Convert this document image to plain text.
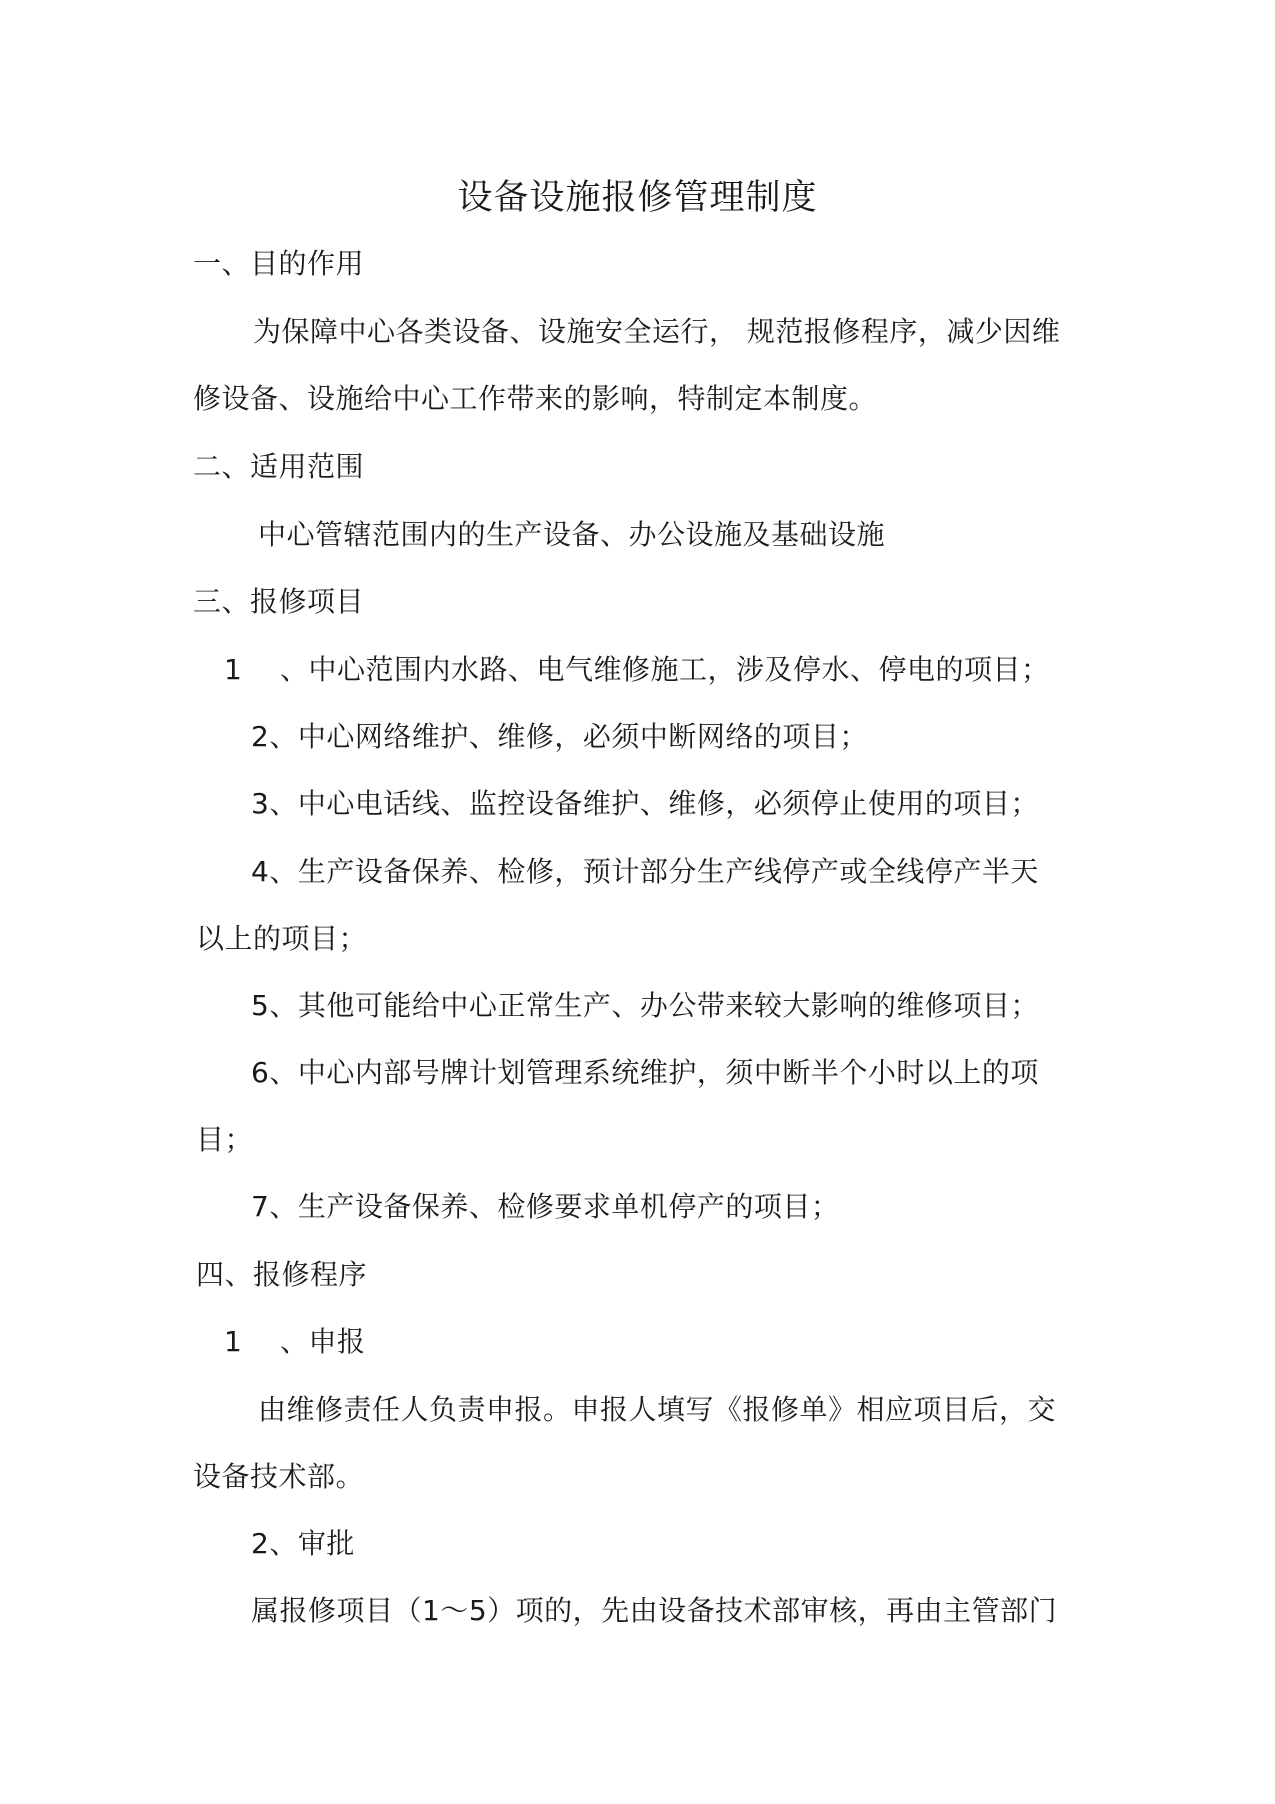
设备设施报修管理制度
一、目的作用
为保障中心各类设备、设施安全运行， 规范报修程序，减少因维
修设备、设施给中心工作带来的影响，特制定本制度。
二、适用范围
中心管辖范围内的生产设备、办公设施及基础设施
三、报修项目
1 、中心范围内水路、电气维修施工，涉及停水、停电的项目；
2、中心网络维护、维修，必须中断网络的项目；
3、中心电话线、监控设备维护、维修，必须停止使用的项目；
4、生产设备保养、检修，预计部分生产线停产或全线停产半天
以上的项目；
5、其他可能给中心正常生产、办公带来较大影响的维修项目；
6、中心内部号牌计划管理系统维护，须中断半个小时以上的项
目；
7、生产设备保养、检修要求单机停产的项目；
四、报修程序
1 、申报
由维修责任人负责申报。申报人填写《报修单》相应项目后，交
设备技术部。
2、审批
属报修项目（1～5）项的，先由设备技术部审核，再由主管部门
